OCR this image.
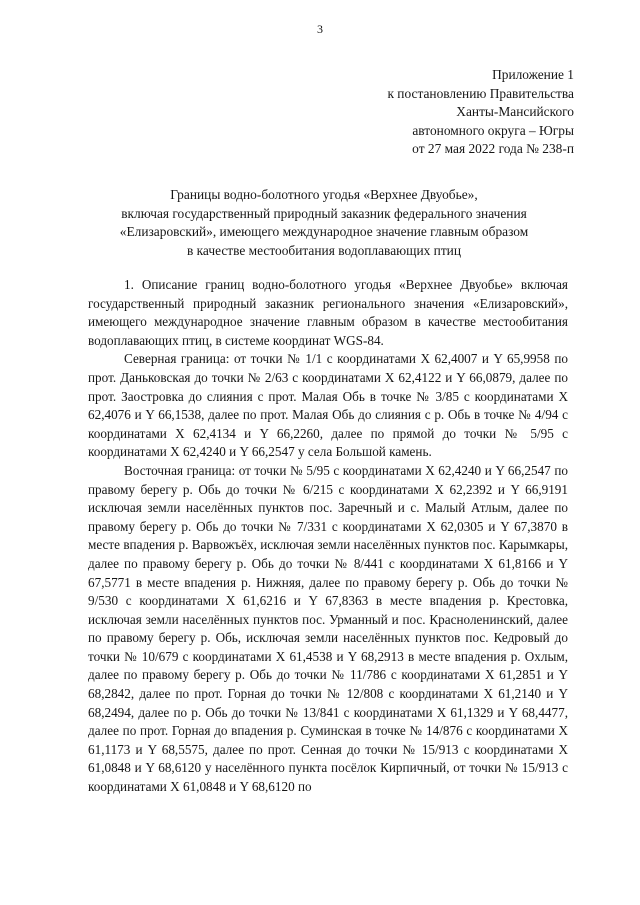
3
Приложение 1
к постановлению Правительства
Ханты-Мансийского
автономного округа – Югры
от 27 мая 2022 года № 238-п
Границы водно-болотного угодья «Верхнее Двуобье»,
включая государственный природный заказник федерального значения
«Елизаровский», имеющего международное значение главным образом
в качестве местообитания водоплавающих птиц

1. Описание границ водно-болотного угодья «Верхнее Двуобье» включая государственный природный заказник регионального значения «Елизаровский», имеющего международное значение главным образом в качестве местообитания водоплавающих птиц, в системе координат WGS-84.

Северная граница: от точки № 1/1 с координатами X 62,4007 и Y 65,9958 по прот. Даньковская до точки № 2/63 с координатами X 62,4122 и Y 66,0879, далее по прот. Заостровка до слияния с прот. Малая Обь в точке № 3/85 с координатами X 62,4076 и Y 66,1538, далее по прот. Малая Обь до слияния с р. Обь в точке № 4/94 с координатами X 62,4134 и Y 66,2260, далее по прямой до точки № 5/95 с координатами X 62,4240 и Y 66,2547 у села Большой камень.

Восточная граница: от точки № 5/95 с координатами X 62,4240 и Y 66,2547 по правому берегу р. Обь до точки № 6/215 с координатами X 62,2392 и Y 66,9191 исключая земли населённых пунктов пос. Заречный и с. Малый Атлым, далее по правому берегу р. Обь до точки № 7/331 с координатами X 62,0305 и Y 67,3870 в месте впадения р. Варвожъёх, исключая земли населённых пунктов пос. Карымкары, далее по правому берегу р. Обь до точки № 8/441 с координатами X 61,8166 и Y 67,5771 в месте впадения р. Нижняя, далее по правому берегу р. Обь до точки № 9/530 с координатами X 61,6216 и Y 67,8363 в месте впадения р. Крестовка, исключая земли населённых пунктов пос. Урманный и пос. Красноленинский, далее по правому берегу р. Обь, исключая земли населённых пунктов пос. Кедровый до точки № 10/679 с координатами X 61,4538 и Y 68,2913 в месте впадения р. Охлым, далее по правому берегу р. Обь до точки № 11/786 с координатами X 61,2851 и Y 68,2842, далее по прот. Горная до точки № 12/808 с координатами X 61,2140 и Y 68,2494, далее по р. Обь до точки № 13/841 с координатами X 61,1329 и Y 68,4477, далее по прот. Горная до впадения р. Суминская в точке № 14/876 с координатами X 61,1173 и Y 68,5575, далее по прот. Сенная до точки № 15/913 с координатами X 61,0848 и Y 68,6120 у населённого пункта посёлок Кирпичный, от точки № 15/913 с координатами X 61,0848 и Y 68,6120 по
